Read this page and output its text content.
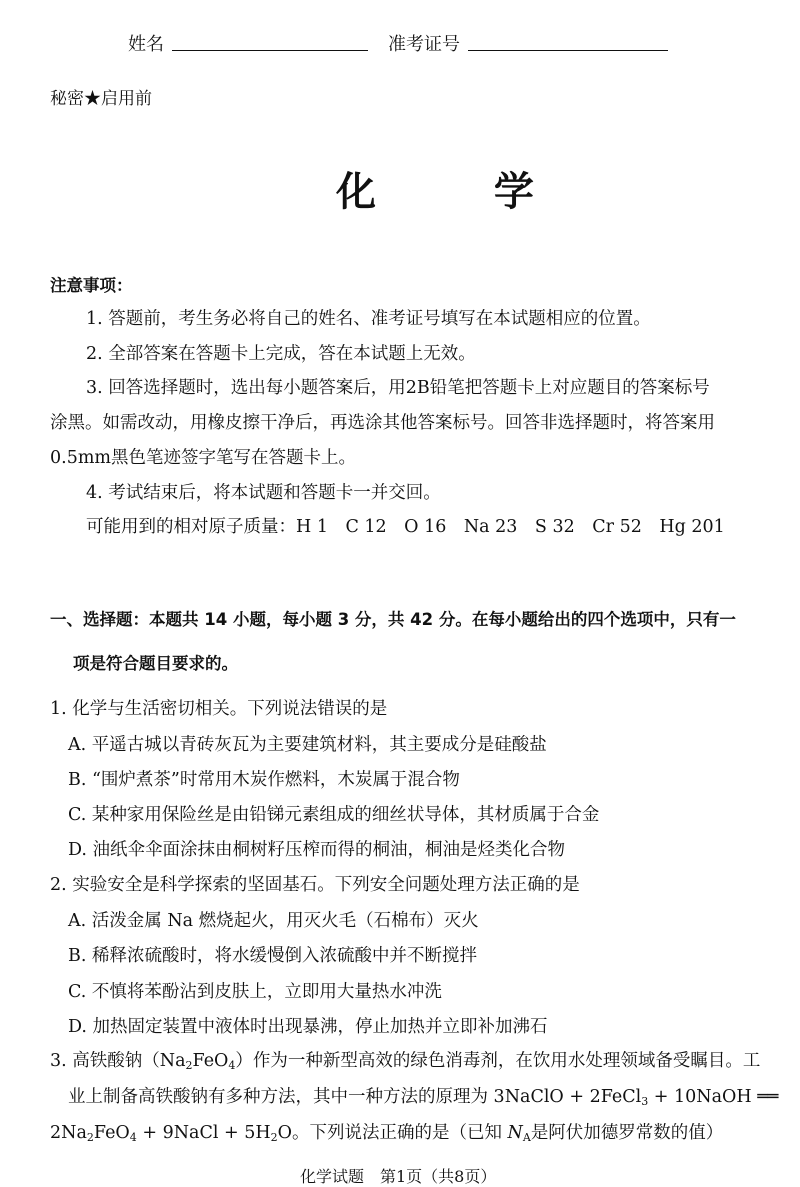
姓名	准考证号
秘密★启用前
化 学
注意事项：
1. 答题前，考生务必将自己的姓名、准考证号填写在本试题相应的位置。
2. 全部答案在答题卡上完成，答在本试题上无效。
3. 回答选择题时，选出每小题答案后，用2B铅笔把答题卡上对应题目的答案标号
涂黑。如需改动，用橡皮擦干净后，再选涂其他答案标号。回答非选择题时，将答案用
0.5mm黑色笔迹签字笔写在答题卡上。
4. 考试结束后，将本试题和答题卡一并交回。
可能用到的相对原子质量：H 1　C 12　O 16　Na 23　S 32　Cr 52　Hg 201
一、选择题：本题共 14 小题，每小题 3 分，共 42 分。在每小题给出的四个选项中，只有一
项是符合题目要求的。
1. 化学与生活密切相关。下列说法错误的是
A. 平遥古城以青砖灰瓦为主要建筑材料，其主要成分是硅酸盐
B. “围炉煮茶”时常用木炭作燃料，木炭属于混合物
C. 某种家用保险丝是由铅锑元素组成的细丝状导体，其材质属于合金
D. 油纸伞伞面涂抹由桐树籽压榨而得的桐油，桐油是烃类化合物
2. 实验安全是科学探索的坚固基石。下列安全问题处理方法正确的是
A. 活泼金属 Na 燃烧起火，用灭火毛（石棉布）灭火
B. 稀释浓硫酸时，将水缓慢倒入浓硫酸中并不断搅拌
C. 不慎将苯酚沾到皮肤上，立即用大量热水冲洗
D. 加热固定装置中液体时出现暴沸，停止加热并立即补加沸石
3. 高铁酸钠$(Na_2FeO_4)$作为一种新型高效的绿色消毒剂，在饮用水处理领域备受瞩目。工
业上制备高铁酸钠有多种方法，其中一种方法的原理为 3NaClO + 2FeCl$_3$ + 10NaOH ══
$2Na_2FeO_4$ + 9NaCl + $5H_2O$。下列说法正确的是（已知 $N_A$是阿伏加德罗常数的值）
化学试题　第1页（共8页）
